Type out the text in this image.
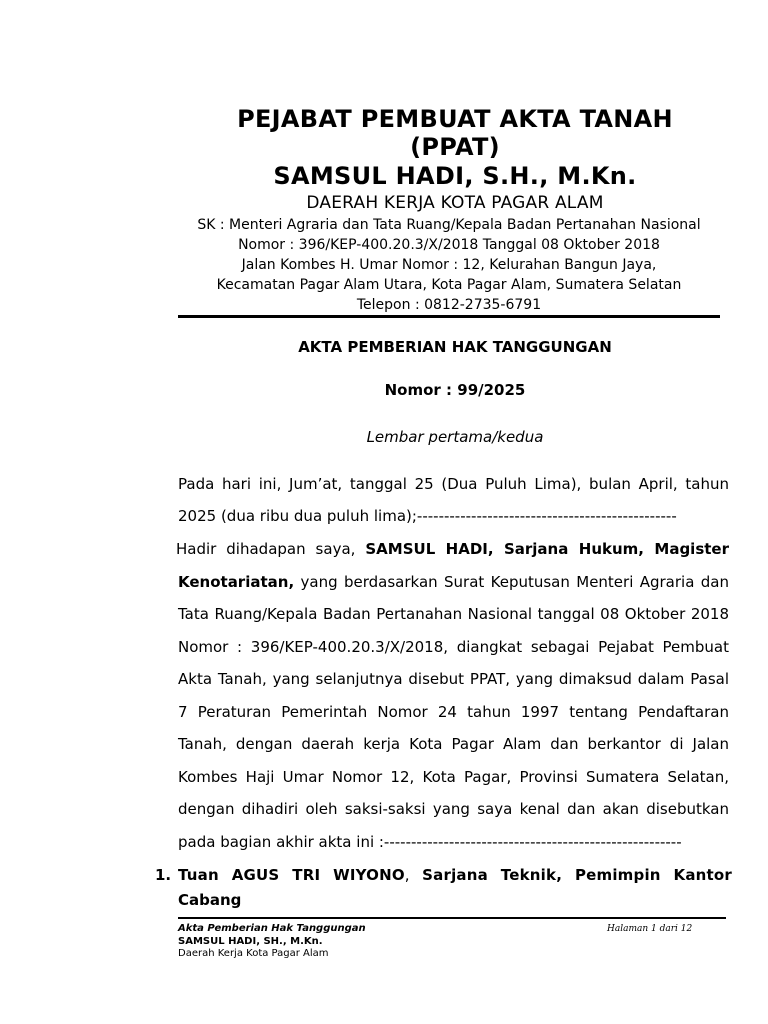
PEJABAT PEMBUAT AKTA TANAH
(PPAT)
SAMSUL HADI, S.H., M.Kn.
DAERAH KERJA KOTA PAGAR ALAM
SK : Menteri Agraria dan Tata Ruang/Kepala Badan Pertanahan Nasional
Nomor : 396/KEP-400.20.3/X/2018 Tanggal 08 Oktober 2018
Jalan Kombes H. Umar Nomor : 12, Kelurahan Bangun Jaya,
Kecamatan Pagar Alam Utara, Kota Pagar Alam, Sumatera Selatan
Telepon : 0812-2735-6791
AKTA PEMBERIAN HAK TANGGUNGAN
Nomor : 99/2025
Lembar pertama/kedua
Pada hari ini, Jum’at, tanggal 25 (Dua Puluh Lima), bulan April, tahun
2025 (dua ribu dua puluh lima);------------------------------------------------
Hadir dihadapan saya, SAMSUL HADI, Sarjana Hukum, Magister
Kenotariatan, yang berdasarkan Surat Keputusan Menteri Agraria dan
Tata Ruang/Kepala Badan Pertanahan Nasional tanggal 08 Oktober 2018
Nomor : 396/KEP-400.20.3/X/2018, diangkat sebagai Pejabat Pembuat
Akta Tanah, yang selanjutnya disebut PPAT, yang dimaksud dalam Pasal
7 Peraturan Pemerintah Nomor 24 tahun 1997 tentang Pendaftaran
Tanah, dengan daerah kerja Kota Pagar Alam dan berkantor di Jalan
Kombes Haji Umar Nomor 12, Kota Pagar, Provinsi Sumatera Selatan,
dengan dihadiri oleh saksi-saksi yang saya kenal dan akan disebutkan
pada bagian akhir akta ini :-------------------------------------------------------
1. Tuan AGUS TRI WIYONO, Sarjana Teknik, Pemimpin Kantor
Cabang
Akta Pemberian Hak Tanggungan
SAMSUL HADI, SH., M.Kn.
Daerah Kerja Kota Pagar Alam
Halaman 1 dari 12
